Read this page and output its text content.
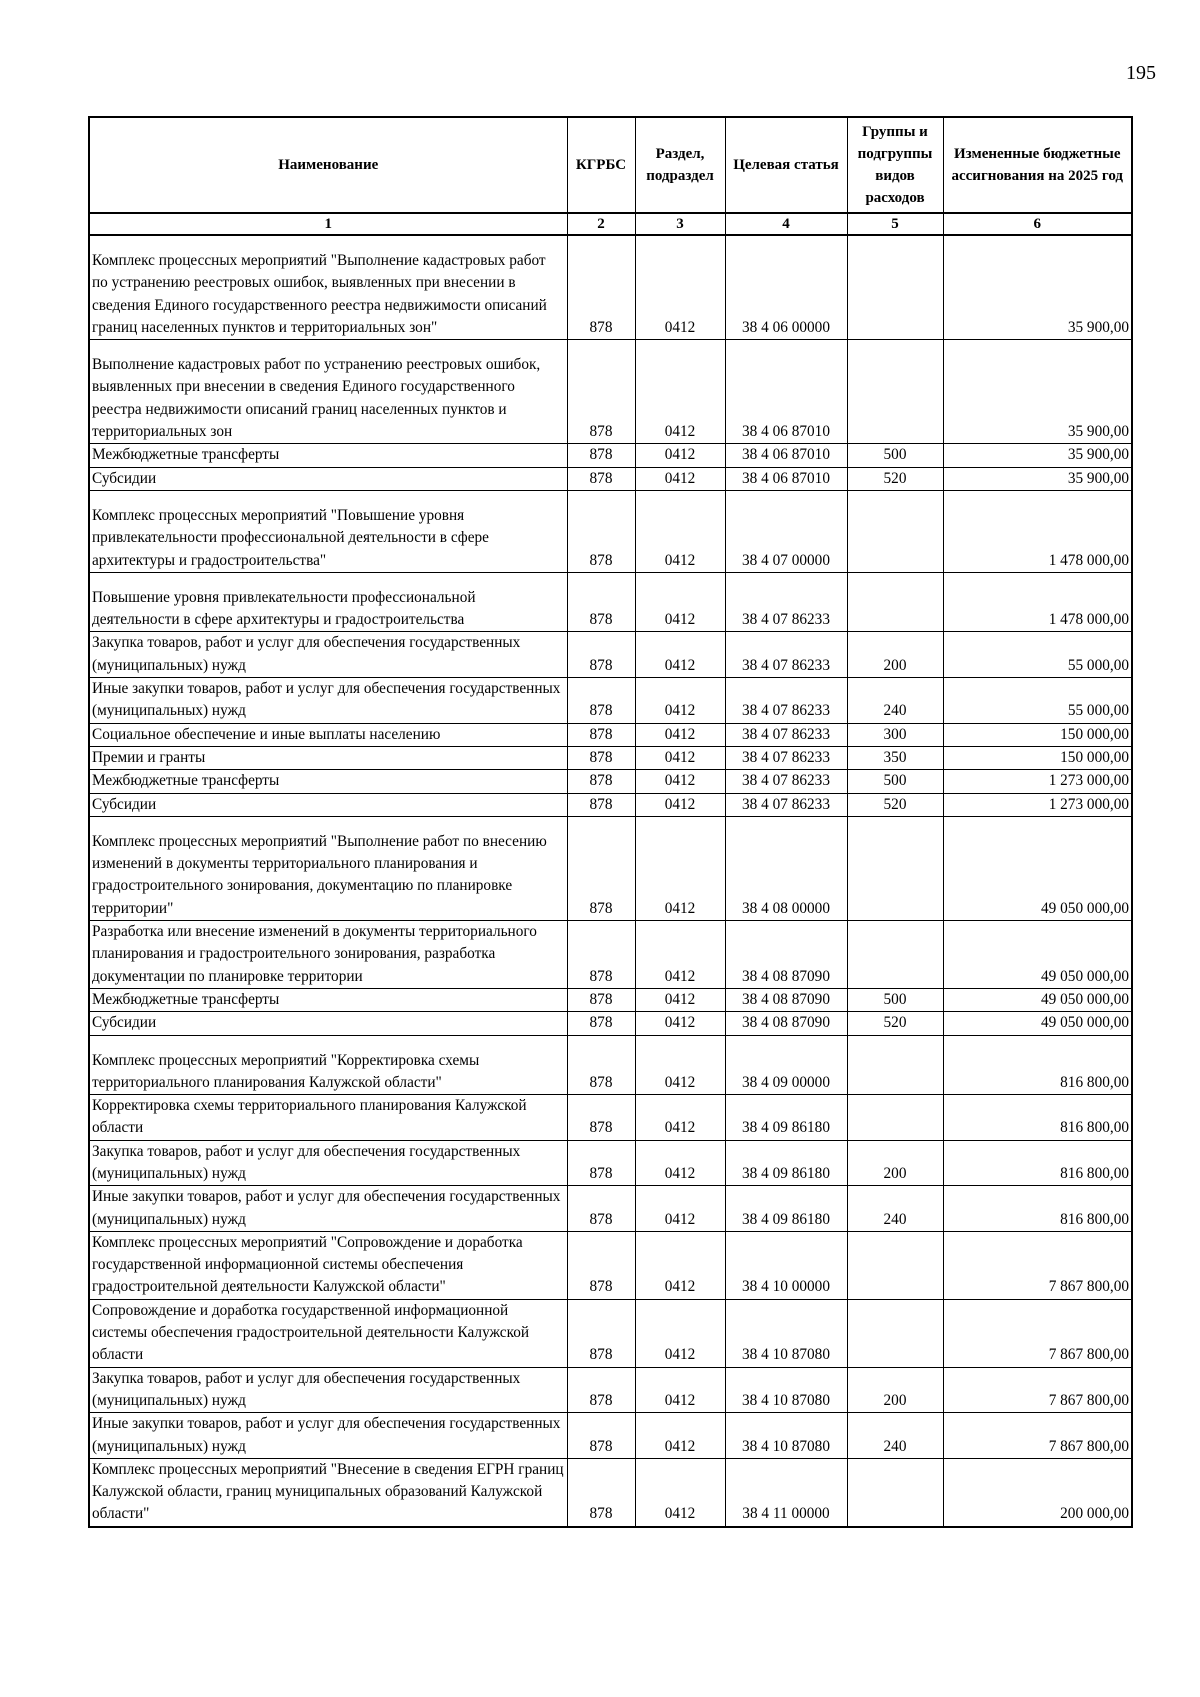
195
Наименование	КГРБС	Раздел, подраздел	Целевая статья	Группы и подгруппы видов расходов	Измененные бюджетные ассигнования на 2025 год
1	2	3	4	5	6

Комплекс процессных мероприятий "Выполнение кадастровых работ по устранению реестровых ошибок, выявленных при внесении в сведения Единого государственного реестра недвижимости описаний границ населенных пунктов и территориальных зон"	878	0412	38 4 06 00000		35 900,00

Выполнение кадастровых работ по устранению реестровых ошибок, выявленных при внесении в сведения Единого государственного реестра недвижимости описаний границ населенных пунктов и территориальных зон	878	0412	38 4 06 87010		35 900,00
Межбюджетные трансферты	878	0412	38 4 06 87010	500	35 900,00
Субсидии	878	0412	38 4 06 87010	520	35 900,00

Комплекс процессных мероприятий "Повышение уровня привлекательности профессиональной деятельности в сфере архитектуры и градостроительства"	878	0412	38 4 07 00000		1 478 000,00

Повышение уровня привлекательности профессиональной деятельности в сфере архитектуры и градостроительства	878	0412	38 4 07 86233		1 478 000,00
Закупка товаров, работ и услуг для обеспечения государственных (муниципальных) нужд	878	0412	38 4 07 86233	200	55 000,00
Иные закупки товаров, работ и услуг для обеспечения государственных (муниципальных) нужд	878	0412	38 4 07 86233	240	55 000,00
Социальное обеспечение и иные выплаты населению	878	0412	38 4 07 86233	300	150 000,00
Премии и гранты	878	0412	38 4 07 86233	350	150 000,00
Межбюджетные трансферты	878	0412	38 4 07 86233	500	1 273 000,00
Субсидии	878	0412	38 4 07 86233	520	1 273 000,00

Комплекс процессных мероприятий "Выполнение работ по внесению изменений в документы территориального планирования и градостроительного зонирования, документацию по планировке территории"	878	0412	38 4 08 00000		49 050 000,00
Разработка или внесение изменений в документы территориального планирования и градостроительного зонирования, разработка документации по планировке территории	878	0412	38 4 08 87090		49 050 000,00
Межбюджетные трансферты	878	0412	38 4 08 87090	500	49 050 000,00
Субсидии	878	0412	38 4 08 87090	520	49 050 000,00

Комплекс процессных мероприятий "Корректировка схемы территориального планирования Калужской области"	878	0412	38 4 09 00000		816 800,00
Корректировка схемы территориального планирования Калужской области	878	0412	38 4 09 86180		816 800,00
Закупка товаров, работ и услуг для обеспечения государственных (муниципальных) нужд	878	0412	38 4 09 86180	200	816 800,00
Иные закупки товаров, работ и услуг для обеспечения государственных (муниципальных) нужд	878	0412	38 4 09 86180	240	816 800,00
Комплекс процессных мероприятий "Сопровождение и доработка государственной информационной системы обеспечения градостроительной деятельности Калужской области"	878	0412	38 4 10 00000		7 867 800,00
Сопровождение и доработка государственной информационной системы обеспечения градостроительной деятельности Калужской области	878	0412	38 4 10 87080		7 867 800,00
Закупка товаров, работ и услуг для обеспечения государственных (муниципальных) нужд	878	0412	38 4 10 87080	200	7 867 800,00
Иные закупки товаров, работ и услуг для обеспечения государственных (муниципальных) нужд	878	0412	38 4 10 87080	240	7 867 800,00
Комплекс процессных мероприятий "Внесение в сведения ЕГРН границ Калужской области, границ муниципальных образований Калужской области"	878	0412	38 4 11 00000		200 000,00
